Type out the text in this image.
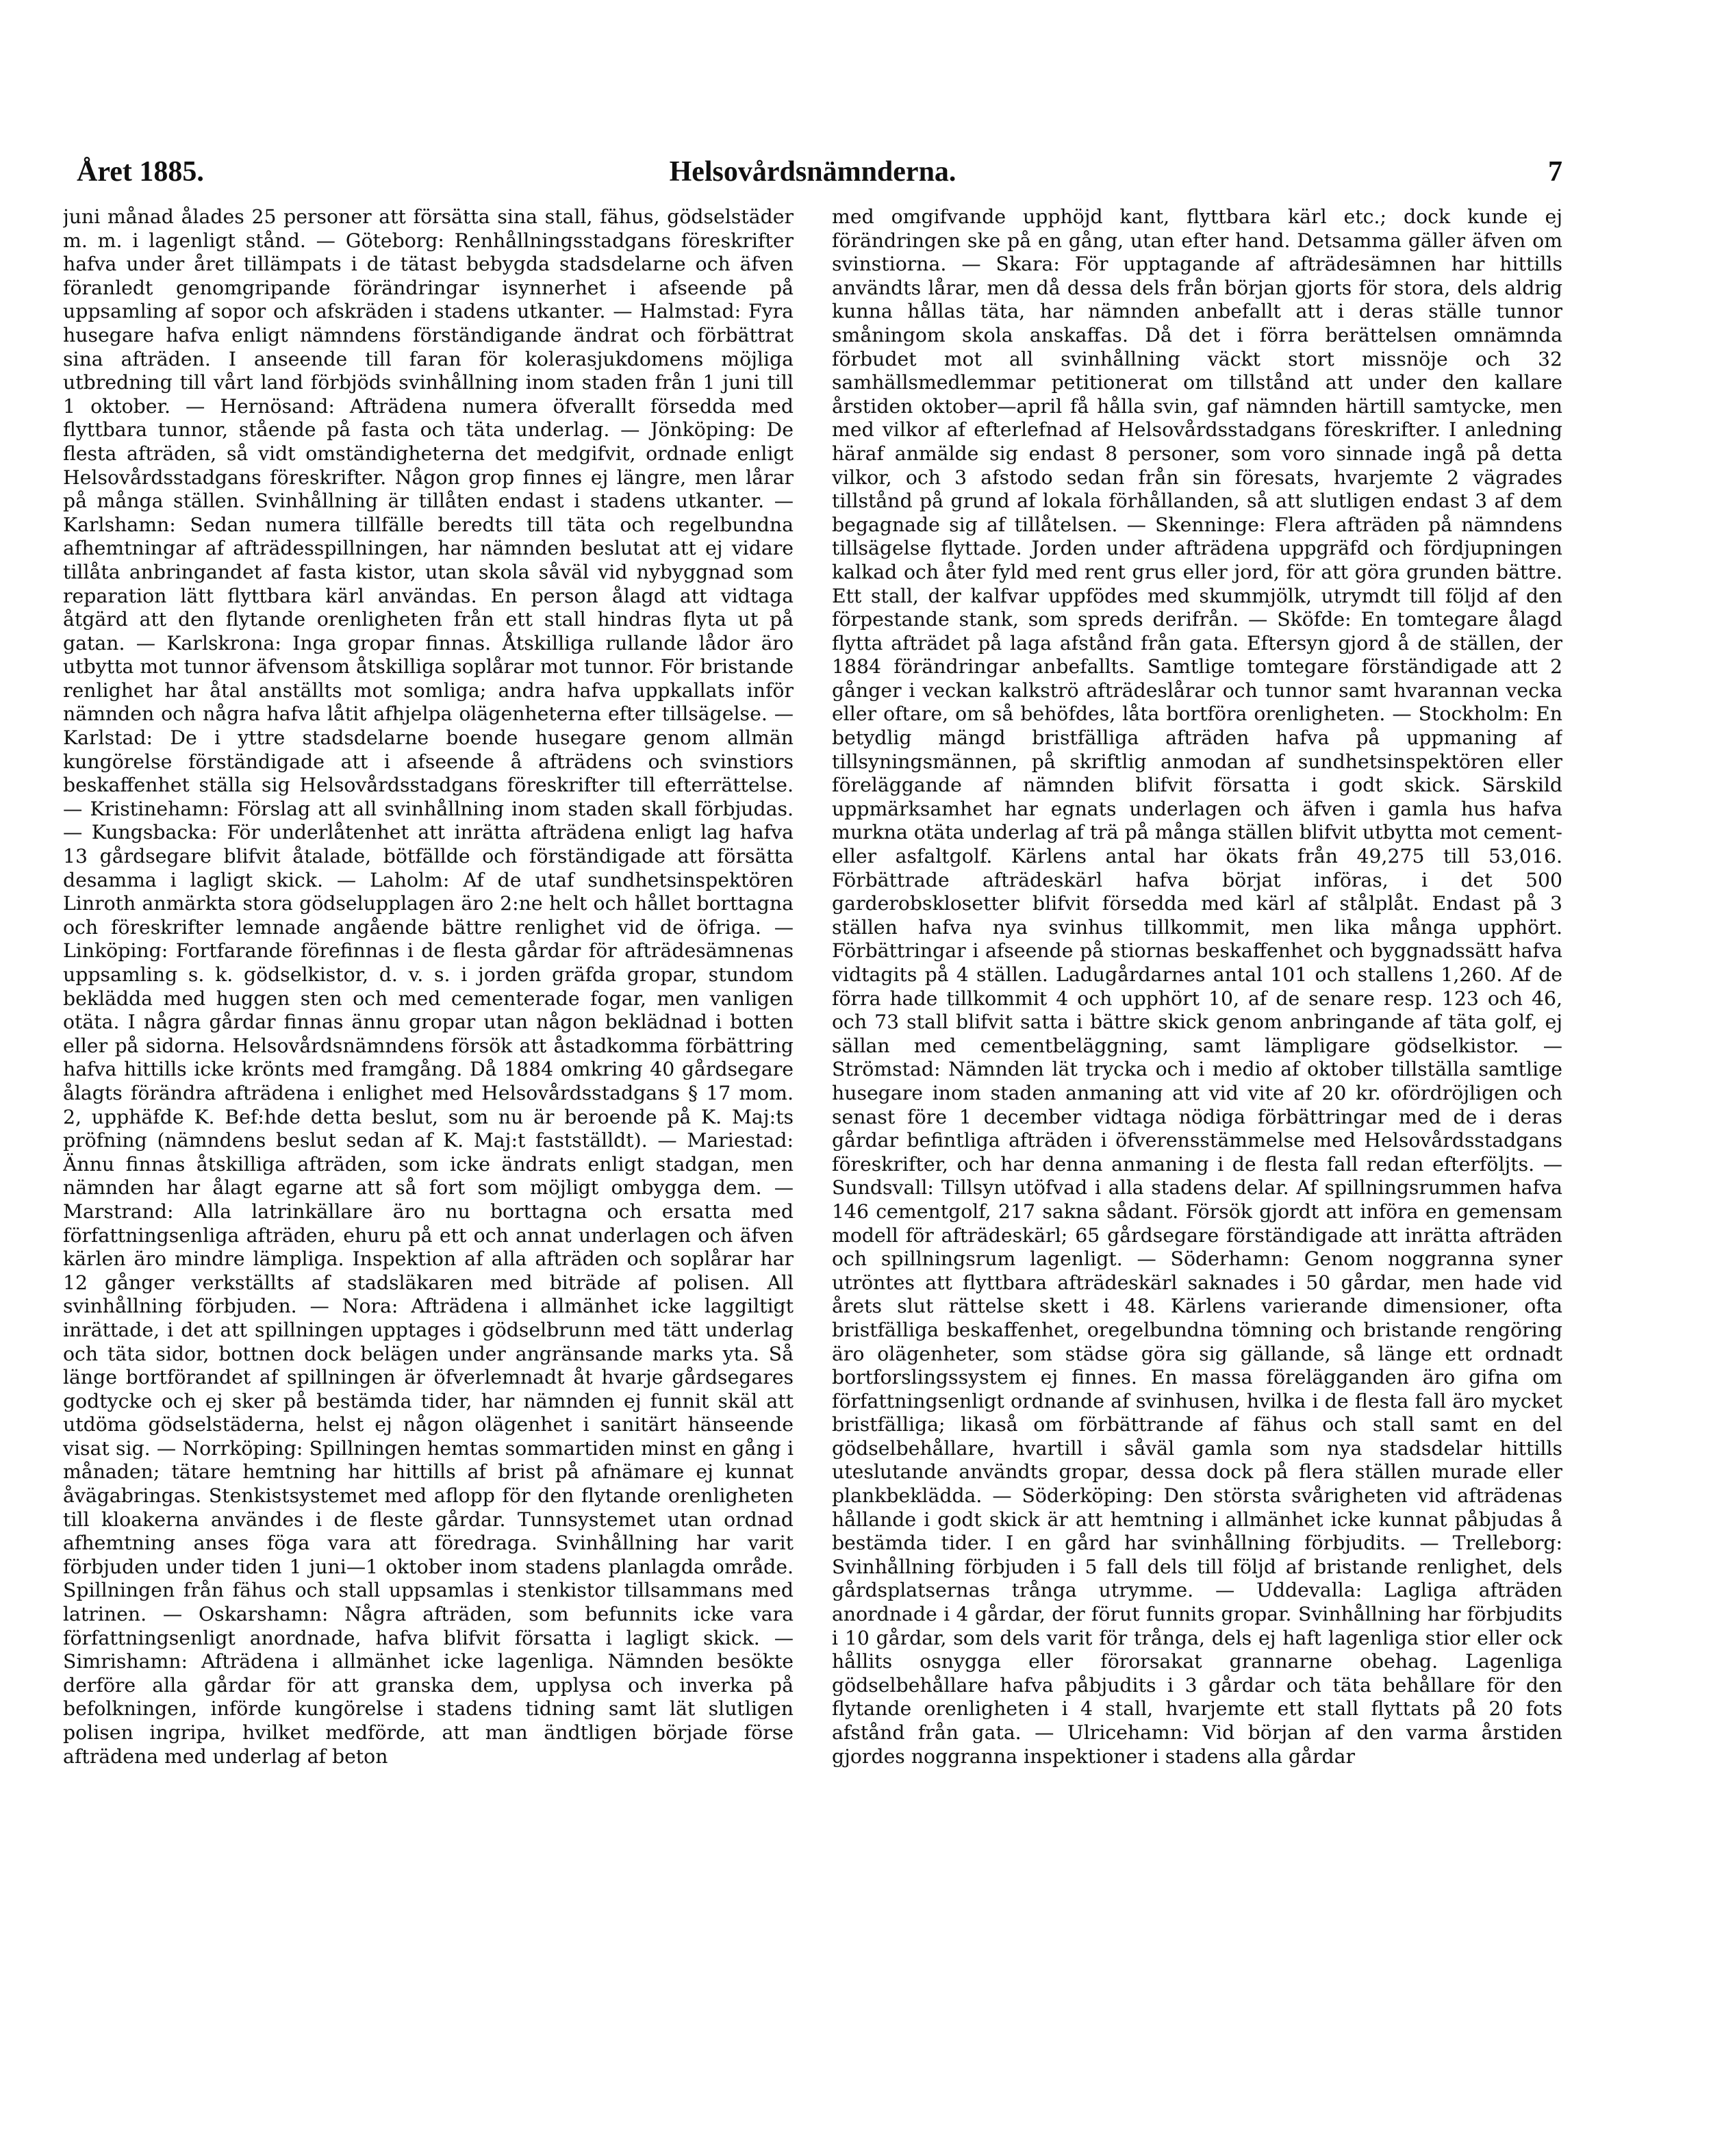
Året 1885.	Helsovårdsnämnderna.	7

juni månad ålades 25 personer att försätta sina stall, fähus, gödselstäder m. m. i lagenligt stånd. — Göteborg: Renhållningsstadgans föreskrifter hafva under året tillämpats i de tätast bebygda stadsdelarne och äfven föranledt genomgripande förändringar isynnerhet i afseende på uppsamling af sopor och afskräden i stadens utkanter. — Halmstad: Fyra husegare hafva enligt nämndens förständigande ändrat och förbättrat sina afträden. I anseende till faran för kolerasjukdomens möjliga utbredning till vårt land förbjöds svinhållning inom staden från 1 juni till 1 oktober. — Hernösand: Afträdena numera öfverallt försedda med flyttbara tunnor, stående på fasta och täta underlag. — Jönköping: De flesta afträden, så vidt omständigheterna det medgifvit, ordnade enligt Helsovårdsstadgans föreskrifter. Någon grop finnes ej längre, men lårar på många ställen. Svinhållning är tillåten endast i stadens utkanter. — Karlshamn: Sedan numera tillfälle beredts till täta och regelbundna afhemtningar af afträdesspillningen, har nämnden beslutat att ej vidare tillåta anbringandet af fasta kistor, utan skola såväl vid nybyggnad som reparation lätt flyttbara kärl användas. En person ålagd att vidtaga åtgärd att den flytande orenligheten från ett stall hindras flyta ut på gatan. — Karlskrona: Inga gropar finnas. Åtskilliga rullande lådor äro utbytta mot tunnor äfvensom åtskilliga soplårar mot tunnor. För bristande renlighet har åtal anställts mot somliga; andra hafva uppkallats inför nämnden och några hafva låtit afhjelpa olägenheterna efter tillsägelse. — Karlstad: De i yttre stadsdelarne boende husegare genom allmän kungörelse förständigade att i afseende å afträdens och svinstiors beskaffenhet ställa sig Helsovårdsstadgans föreskrifter till efterrättelse. — Kristinehamn: Förslag att all svinhållning inom staden skall förbjudas. — Kungsbacka: För underlåtenhet att inrätta afträdena enligt lag hafva 13 gårdsegare blifvit åtalade, bötfällde och förständigade att försätta desamma i lagligt skick. — Laholm: Af de utaf sundhetsinspektören Linroth anmärkta stora gödselupplagen äro 2:ne helt och hållet borttagna och föreskrifter lemnade angående bättre renlighet vid de öfriga. — Linköping: Fortfarande förefinnas i de flesta gårdar för afträdesämnenas uppsamling s. k. gödselkistor, d. v. s. i jorden gräfda gropar, stundom beklädda med huggen sten och med cementerade fogar, men vanligen otäta. I några gårdar finnas ännu gropar utan någon beklädnad i botten eller på sidorna. Helsovårdsnämndens försök att åstadkomma förbättring hafva hittills icke krönts med framgång. Då 1884 omkring 40 gårdsegare ålagts förändra afträdena i enlighet med Helsovårdsstadgans § 17 mom. 2, upphäfde K. Bef:hde detta beslut, som nu är beroende på K. Maj:ts pröfning (nämndens beslut sedan af K. Maj:t fastställdt). — Mariestad: Ännu finnas åtskilliga afträden, som icke ändrats enligt stadgan, men nämnden har ålagt egarne att så fort som möjligt ombygga dem. — Marstrand: Alla latrinkällare äro nu borttagna och ersatta med författningsenliga afträden, ehuru på ett och annat underlagen och äfven kärlen äro mindre lämpliga. Inspektion af alla afträden och soplårar har 12 gånger verkställts af stadsläkaren med biträde af polisen. All svinhållning förbjuden. — Nora: Afträdena i allmänhet icke laggiltigt inrättade, i det att spillningen upptages i gödselbrunn med tätt underlag och täta sidor, bottnen dock belägen under angränsande marks yta. Så länge bortförandet af spillningen är öfverlemnadt åt hvarje gårdsegares godtycke och ej sker på bestämda tider, har nämnden ej funnit skäl att utdöma gödselstäderna, helst ej någon olägenhet i sanitärt hänseende visat sig. — Norrköping: Spillningen hemtas sommartiden minst en gång i månaden; tätare hemtning har hittills af brist på afnämare ej kunnat åvägabringas. Stenkistsystemet med aflopp för den flytande orenligheten till kloakerna användes i de fleste gårdar. Tunnsystemet utan ordnad afhemtning anses föga vara att föredraga. Svinhållning har varit förbjuden under tiden 1 juni—1 oktober inom stadens planlagda område. Spillningen från fähus och stall uppsamlas i stenkistor tillsammans med latrinen. — Oskarshamn: Några afträden, som befunnits icke vara författningsenligt anordnade, hafva blifvit försatta i lagligt skick. — Simrishamn: Afträdena i allmänhet icke lagenliga. Nämnden besökte derföre alla gårdar för att granska dem, upplysa och inverka på befolkningen, införde kungörelse i stadens tidning samt lät slutligen polisen ingripa, hvilket medförde, att man ändtligen började förse afträdena med underlag af beton

med omgifvande upphöjd kant, flyttbara kärl etc.; dock kunde ej förändringen ske på en gång, utan efter hand. Detsamma gäller äfven om svinstiorna. — Skara: För upptagande af afträdesämnen har hittills användts lårar, men då dessa dels från början gjorts för stora, dels aldrig kunna hållas täta, har nämnden anbefallt att i deras ställe tunnor småningom skola anskaffas. Då det i förra berättelsen omnämnda förbudet mot all svinhållning väckt stort missnöje och 32 samhällsmedlemmar petitionerat om tillstånd att under den kallare årstiden oktober—april få hålla svin, gaf nämnden härtill samtycke, men med vilkor af efterlefnad af Helsovårdsstadgans föreskrifter. I anledning häraf anmälde sig endast 8 personer, som voro sinnade ingå på detta vilkor, och 3 afstodo sedan från sin föresats, hvarjemte 2 vägrades tillstånd på grund af lokala förhållanden, så att slutligen endast 3 af dem begagnade sig af tillåtelsen. — Skenninge: Flera afträden på nämndens tillsägelse flyttade. Jorden under afträdena uppgräfd och fördjupningen kalkad och åter fyld med rent grus eller jord, för att göra grunden bättre. Ett stall, der kalfvar uppfödes med skummjölk, utrymdt till följd af den förpestande stank, som spreds derifrån. — Sköfde: En tomtegare ålagd flytta afträdet på laga afstånd från gata. Eftersyn gjord å de ställen, der 1884 förändringar anbefallts. Samtlige tomtegare förständigade att 2 gånger i veckan kalkströ afträdeslårar och tunnor samt hvarannan vecka eller oftare, om så behöfdes, låta bortföra orenligheten. — Stockholm: En betydlig mängd bristfälliga afträden hafva på uppmaning af tillsyningsmännen, på skriftlig anmodan af sundhetsinspektören eller föreläggande af nämnden blifvit försatta i godt skick. Särskild uppmärksamhet har egnats underlagen och äfven i gamla hus hafva murkna otäta underlag af trä på många ställen blifvit utbytta mot cement- eller asfaltgolf. Kärlens antal har ökats från 49,275 till 53,016. Förbättrade afträdeskärl hafva börjat införas, i det 500 garderobsklosetter blifvit försedda med kärl af stålplåt. Endast på 3 ställen hafva nya svinhus tillkommit, men lika många upphört. Förbättringar i afseende på stiornas beskaffenhet och byggnadssätt hafva vidtagits på 4 ställen. Ladugårdarnes antal 101 och stallens 1,260. Af de förra hade tillkommit 4 och upphört 10, af de senare resp. 123 och 46, och 73 stall blifvit satta i bättre skick genom anbringande af täta golf, ej sällan med cementbeläggning, samt lämpligare gödselkistor. — Strömstad: Nämnden lät trycka och i medio af oktober tillställa samtlige husegare inom staden anmaning att vid vite af 20 kr. ofördröjligen och senast före 1 december vidtaga nödiga förbättringar med de i deras gårdar befintliga afträden i öfverensstämmelse med Helsovårdsstadgans föreskrifter, och har denna anmaning i de flesta fall redan efterföljts. — Sundsvall: Tillsyn utöfvad i alla stadens delar. Af spillningsrummen hafva 146 cementgolf, 217 sakna sådant. Försök gjordt att införa en gemensam modell för afträdeskärl; 65 gårdsegare förständigade att inrätta afträden och spillningsrum lagenligt. — Söderhamn: Genom noggranna syner utröntes att flyttbara afträdeskärl saknades i 50 gårdar, men hade vid årets slut rättelse skett i 48. Kärlens varierande dimensioner, ofta bristfälliga beskaffenhet, oregelbundna tömning och bristande rengöring äro olägenheter, som städse göra sig gällande, så länge ett ordnadt bortforslingssystem ej finnes. En massa förelägganden äro gifna om författningsenligt ordnande af svinhusen, hvilka i de flesta fall äro mycket bristfälliga; likaså om förbättrande af fähus och stall samt en del gödselbehållare, hvartill i såväl gamla som nya stadsdelar hittills uteslutande användts gropar, dessa dock på flera ställen murade eller plankbeklädda. — Söderköping: Den största svårigheten vid afträdenas hållande i godt skick är att hemtning i allmänhet icke kunnat påbjudas å bestämda tider. I en gård har svinhållning förbjudits. — Trelleborg: Svinhållning förbjuden i 5 fall dels till följd af bristande renlighet, dels gårdsplatsernas trånga utrymme. — Uddevalla: Lagliga afträden anordnade i 4 gårdar, der förut funnits gropar. Svinhållning har förbjudits i 10 gårdar, som dels varit för trånga, dels ej haft lagenliga stior eller ock hållits osnygga eller förorsakat grannarne obehag. Lagenliga gödselbehållare hafva påbjudits i 3 gårdar och täta behållare för den flytande orenligheten i 4 stall, hvarjemte ett stall flyttats på 20 fots afstånd från gata. — Ulricehamn: Vid början af den varma årstiden gjordes noggranna inspektioner i stadens alla gårdar
